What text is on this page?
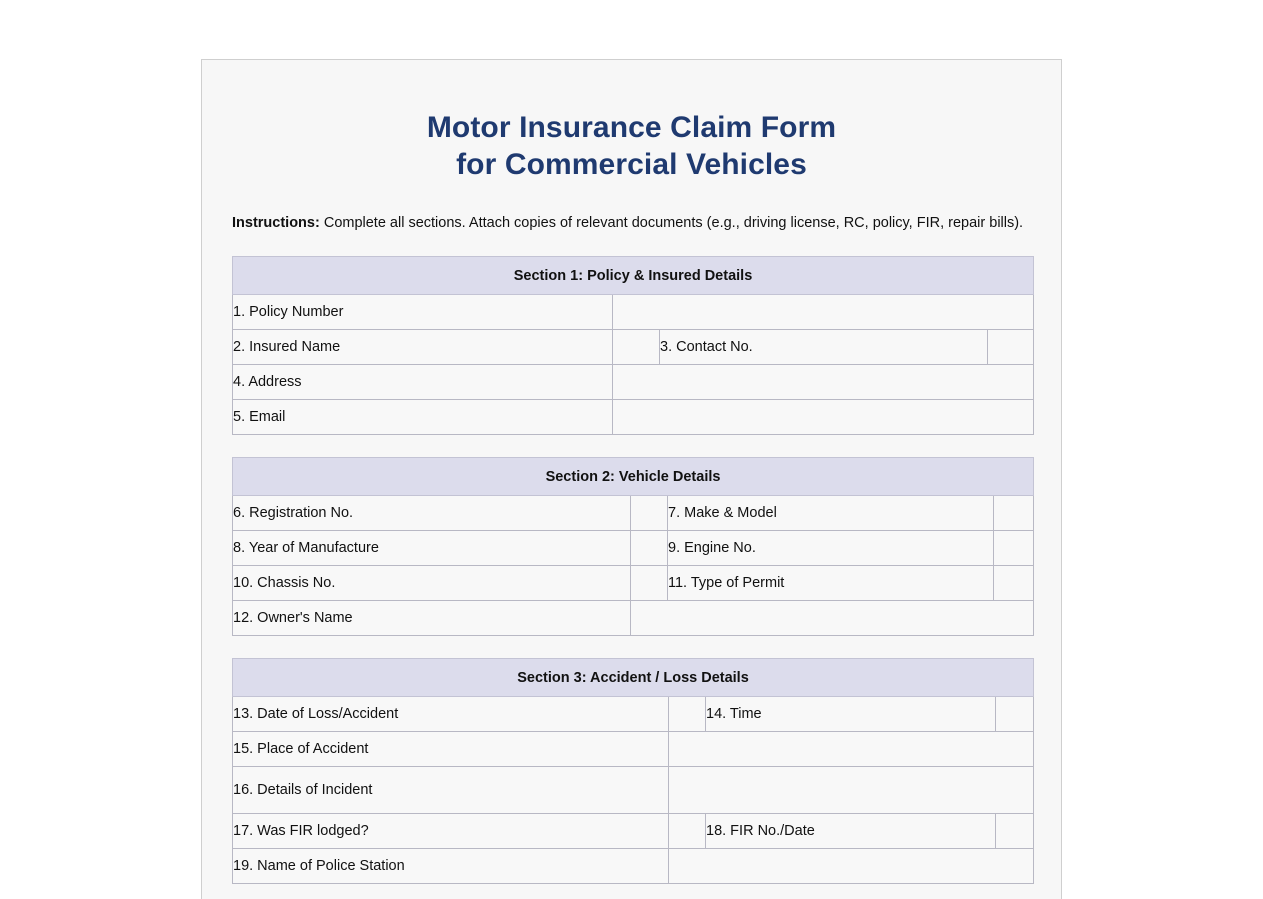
Motor Insurance Claim Form
for Commercial Vehicles

Instructions: Complete all sections. Attach copies of relevant documents (e.g., driving license, RC, policy, FIR, repair bills).

Section 1: Policy & Insured Details			
1. Policy Number			
2. Insured Name		3. Contact No.	
4. Address			
5. Email			
Section 2: Vehicle Details			
6. Registration No.		7. Make & Model	
8. Year of Manufacture		9. Engine No.	
10. Chassis No.		11. Type of Permit	
12. Owner's Name			
Section 3: Accident / Loss Details			
13. Date of Loss/Accident		14. Time	
15. Place of Accident			
16. Details of Incident			
17. Was FIR lodged?		18. FIR No./Date	
19. Name of Police Station			
